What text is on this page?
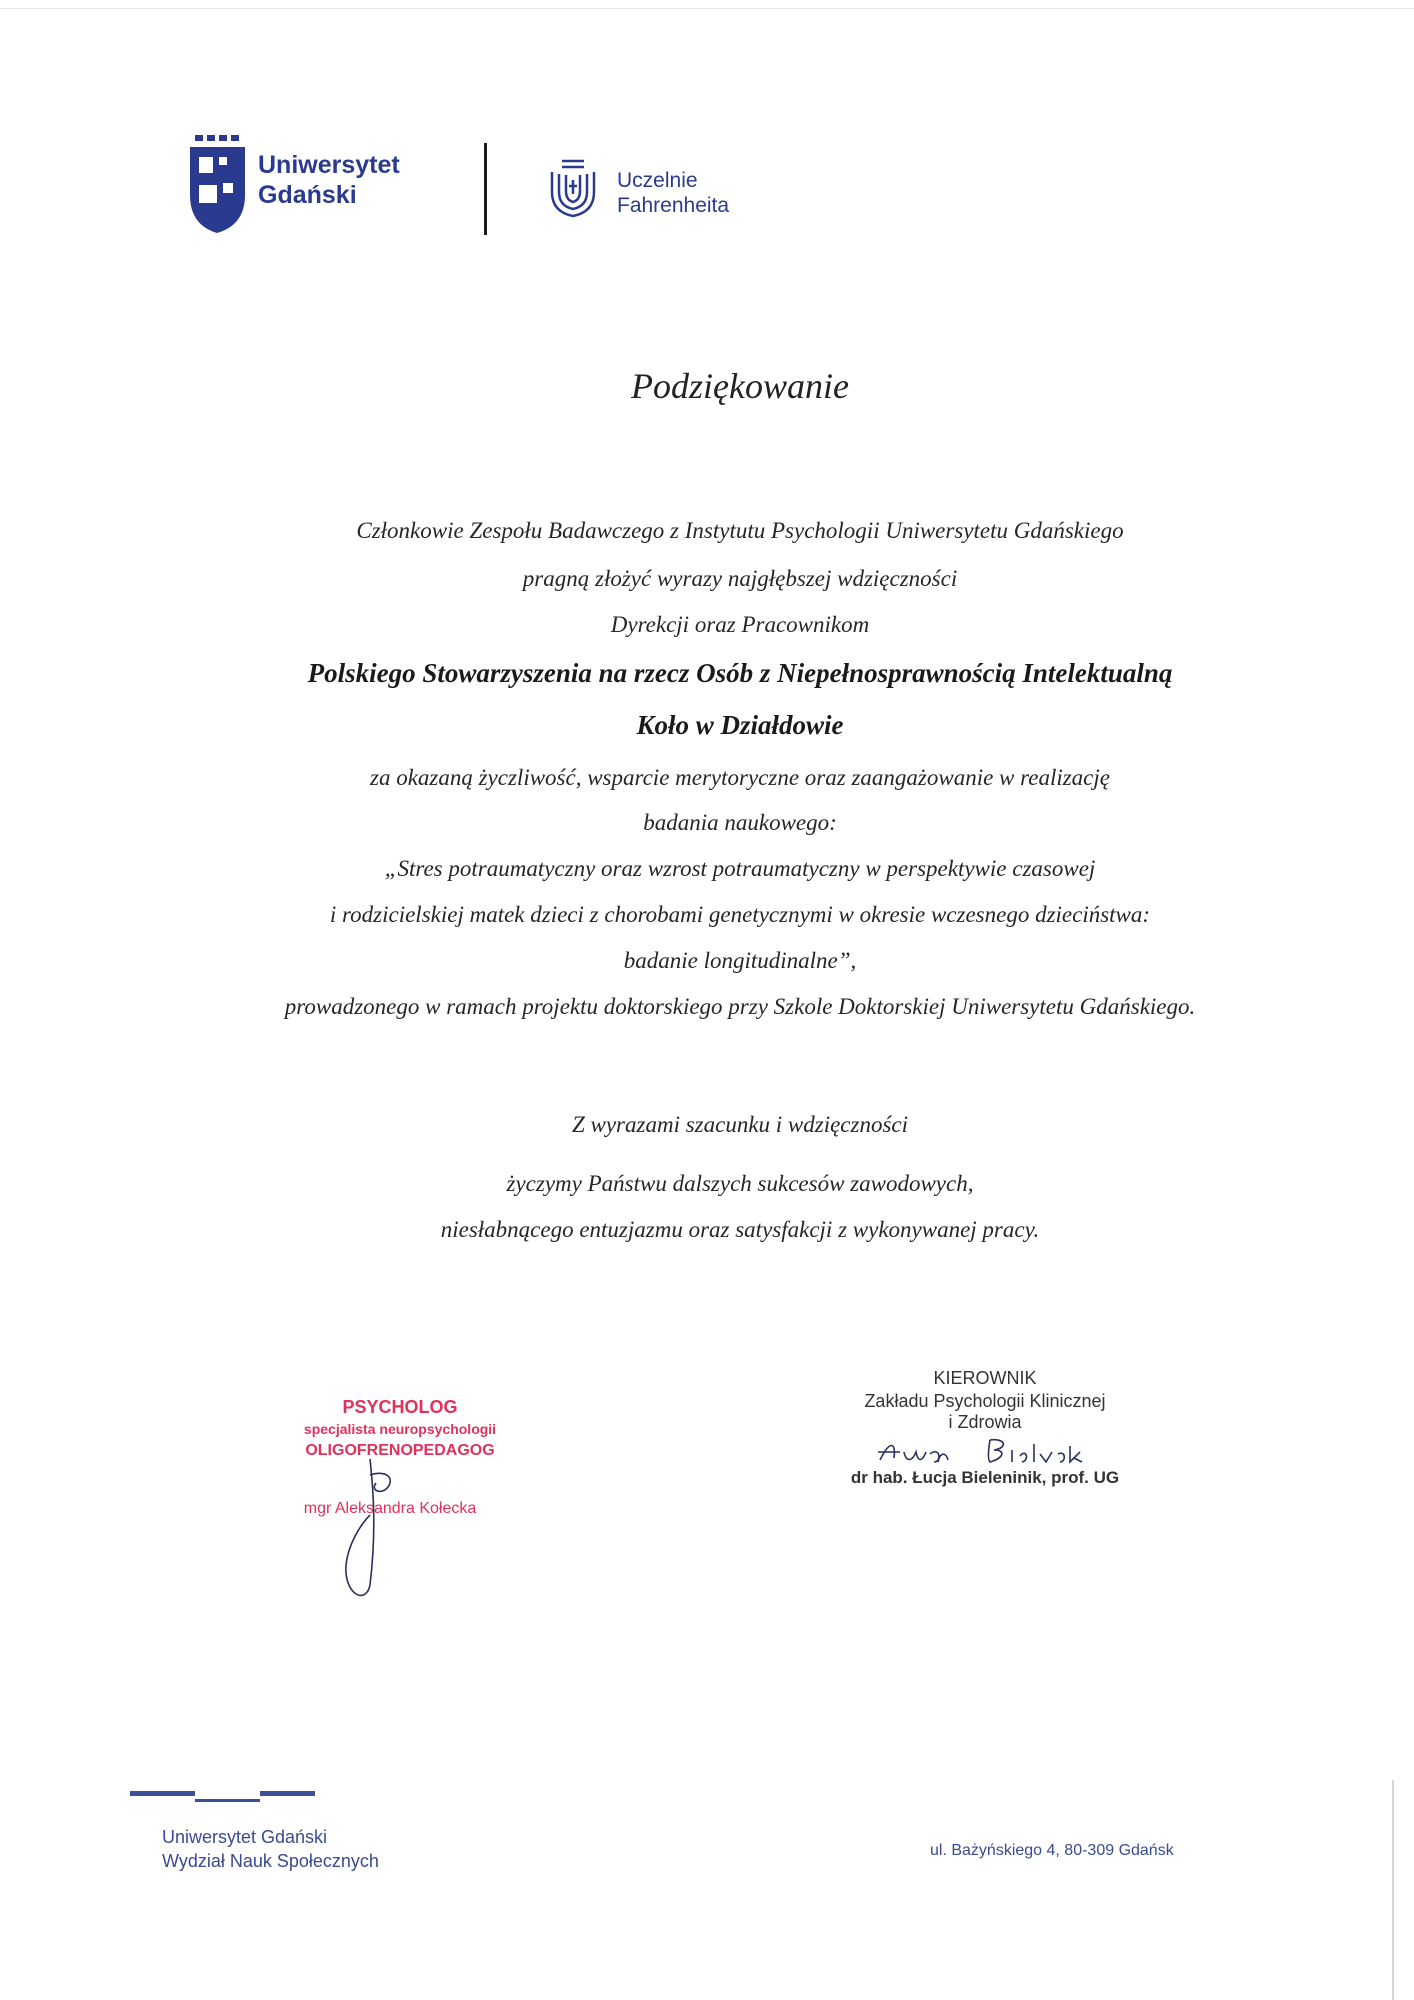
Uniwersytet
Gdański
Uczelnie
Fahrenheita
Podziękowanie
Członkowie Zespołu Badawczego z Instytutu Psychologii Uniwersytetu Gdańskiego
pragną złożyć wyrazy najgłębszej wdzięczności
Dyrekcji oraz Pracownikom
Polskiego Stowarzyszenia na rzecz Osób z Niepełnosprawnością Intelektualną
Koło w Działdowie
za okazaną życzliwość, wsparcie merytoryczne oraz zaangażowanie w realizację
badania naukowego:
„Stres potraumatyczny oraz wzrost potraumatyczny w perspektywie czasowej
i rodzicielskiej matek dzieci z chorobami genetycznymi w okresie wczesnego dzieciństwa:
badanie longitudinalne”,
prowadzonego w ramach projektu doktorskiego przy Szkole Doktorskiej Uniwersytetu Gdańskiego.
Z wyrazami szacunku i wdzięczności
życzymy Państwu dalszych sukcesów zawodowych,
niesłabnącego entuzjazmu oraz satysfakcji z wykonywanej pracy.
PSYCHOLOG
specjalista neuropsychologii
OLIGOFRENOPEDAGOG
mgr Aleksandra Kołecka
KIEROWNIK
Zakładu Psychologii Klinicznej
i Zdrowia
dr hab. Łucja Bieleninik, prof. UG
Uniwersytet Gdański
Wydział Nauk Społecznych
ul. Bażyńskiego 4, 80-309 Gdańsk
